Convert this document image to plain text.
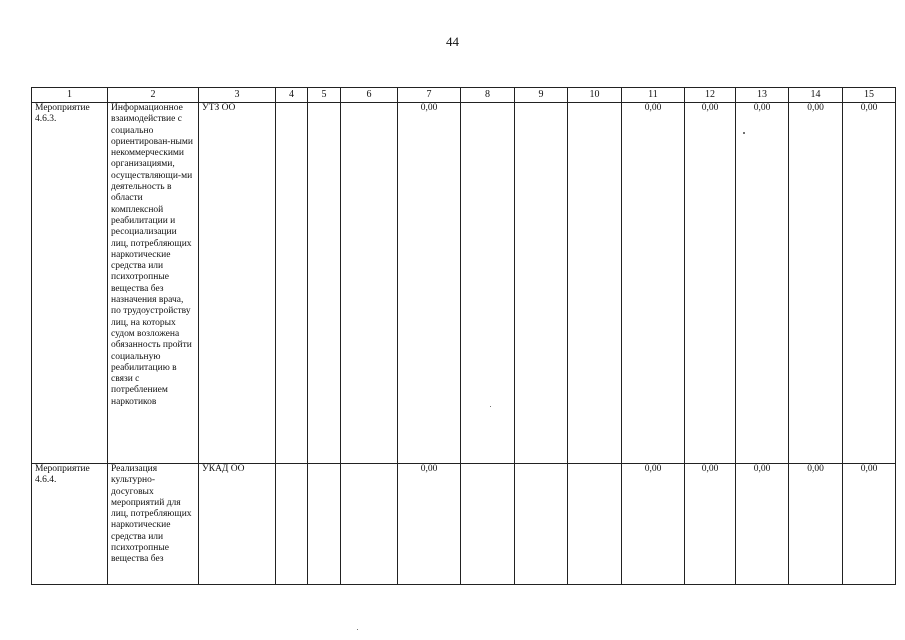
44
1	2	3	4	5	6	7	8	9	10	11	12	13	14	15
Мероприятие 4.6.3.	Информационное взаимодействие с социально ориентирован-ными некоммерческими организациями, осуществляющи-ми деятельность в области комплексной реабилитации и ресоциализации лиц, потребляющих наркотические средства или психотропные вещества без назначения врача, по трудоустройству лиц, на которых судом возложена обязанность пройти социальную реабилитацию в связи с потреблением наркотиков	УТЗ ОО				0,00				0,00	0,00	0,00	0,00	0,00
Мероприятие 4.6.4.	Реализация культурно-досуговых мероприятий для лиц, потребляющих наркотические средства или психотропные вещества без	УКАД ОО				0,00				0,00	0,00	0,00	0,00	0,00
